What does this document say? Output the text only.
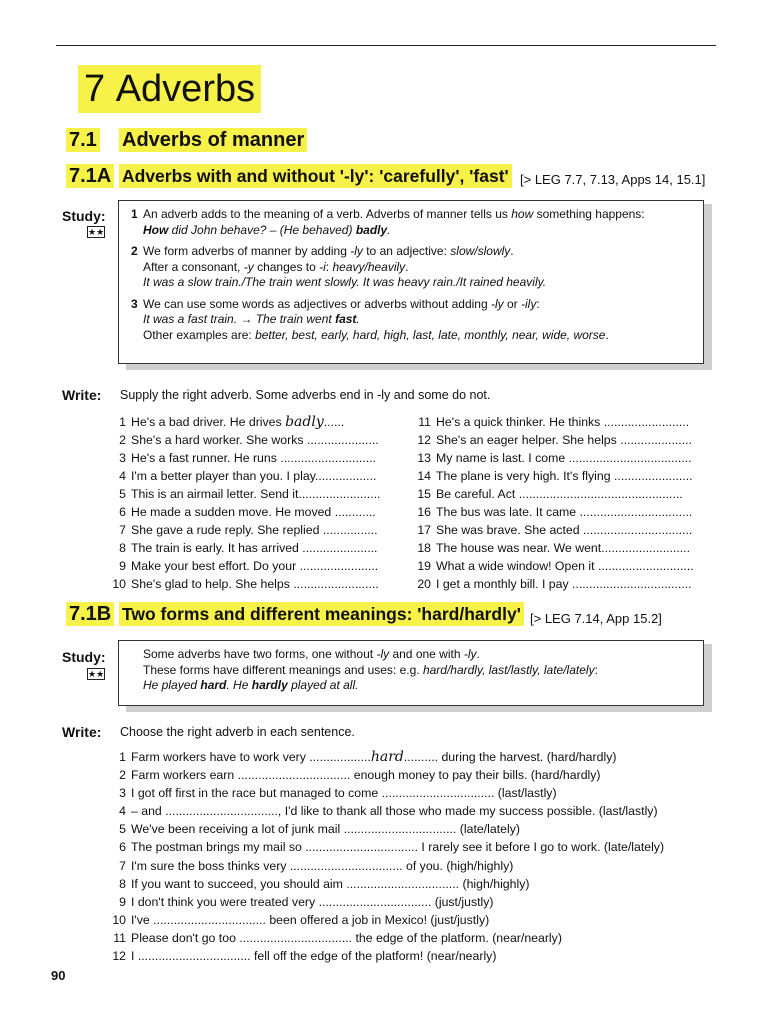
7 Adverbs
7.1 Adverbs of manner
7.1A Adverbs with and without '-ly': 'carefully', 'fast' [> LEG 7.7, 7.13, Apps 14, 15.1]
Study:
★★

1 An adverb adds to the meaning of a verb. Adverbs of manner tells us how something happens:
How did John behave? – (He behaved) badly.

2 We form adverbs of manner by adding -ly to an adjective: slow/slowly.
After a consonant, -y changes to -i: heavy/heavily.
It was a slow train./The train went slowly. It was heavy rain./It rained heavily.

3 We can use some words as adjectives or adverbs without adding -ly or -ily:
It was a fast train. → The train went fast.
Other examples are: better, best, early, hard, high, last, late, monthly, near, wide, worse.

Write: Supply the right adverb. Some adverbs end in -ly and some do not.
1 He's a bad driver. He drives badly......
2 She's a hard worker. She works .....................
3 He's a fast runner. He runs ............................
4 I'm a better player than you. I play..................
5 This is an airmail letter. Send it........................
6 He made a sudden move. He moved ............
7 She gave a rude reply. She replied ................
8 The train is early. It has arrived ......................
9 Make your best effort. Do your .......................
10 She's glad to help. She helps .........................
11 He's a quick thinker. He thinks .........................
12 She's an eager helper. She helps .....................
13 My name is last. I come ....................................
14 The plane is very high. It's flying .......................
15 Be careful. Act ................................................
16 The bus was late. It came .................................
17 She was brave. She acted ................................
18 The house was near. We went..........................
19 What a wide window! Open it ............................
20 I get a monthly bill. I pay ...................................
7.1B Two forms and different meanings: 'hard/hardly' [> LEG 7.14, App 15.2]
Study:
★★
Some adverbs have two forms, one without -ly and one with -ly.
These forms have different meanings and uses: e.g. hard/hardly, last/lastly, late/lately:
He played hard. He hardly played at all.
Write: Choose the right adverb in each sentence.
1 Farm workers have to work very ..................hard.......... during the harvest. (hard/hardly)
2 Farm workers earn ................................. enough money to pay their bills. (hard/hardly)
3 I got off first in the race but managed to come ................................. (last/lastly)
4 – and ................................., I'd like to thank all those who made my success possible. (last/lastly)
5 We've been receiving a lot of junk mail ................................. (late/lately)
6 The postman brings my mail so ................................. I rarely see it before I go to work. (late/lately)
7 I'm sure the boss thinks very ................................. of you. (high/highly)
8 If you want to succeed, you should aim ................................. (high/highly)
9 I don't think you were treated very ................................. (just/justly)
10 I've ................................. been offered a job in Mexico! (just/justly)
11 Please don't go too ................................. the edge of the platform. (near/nearly)
12 I ................................. fell off the edge of the platform! (near/nearly)
90
